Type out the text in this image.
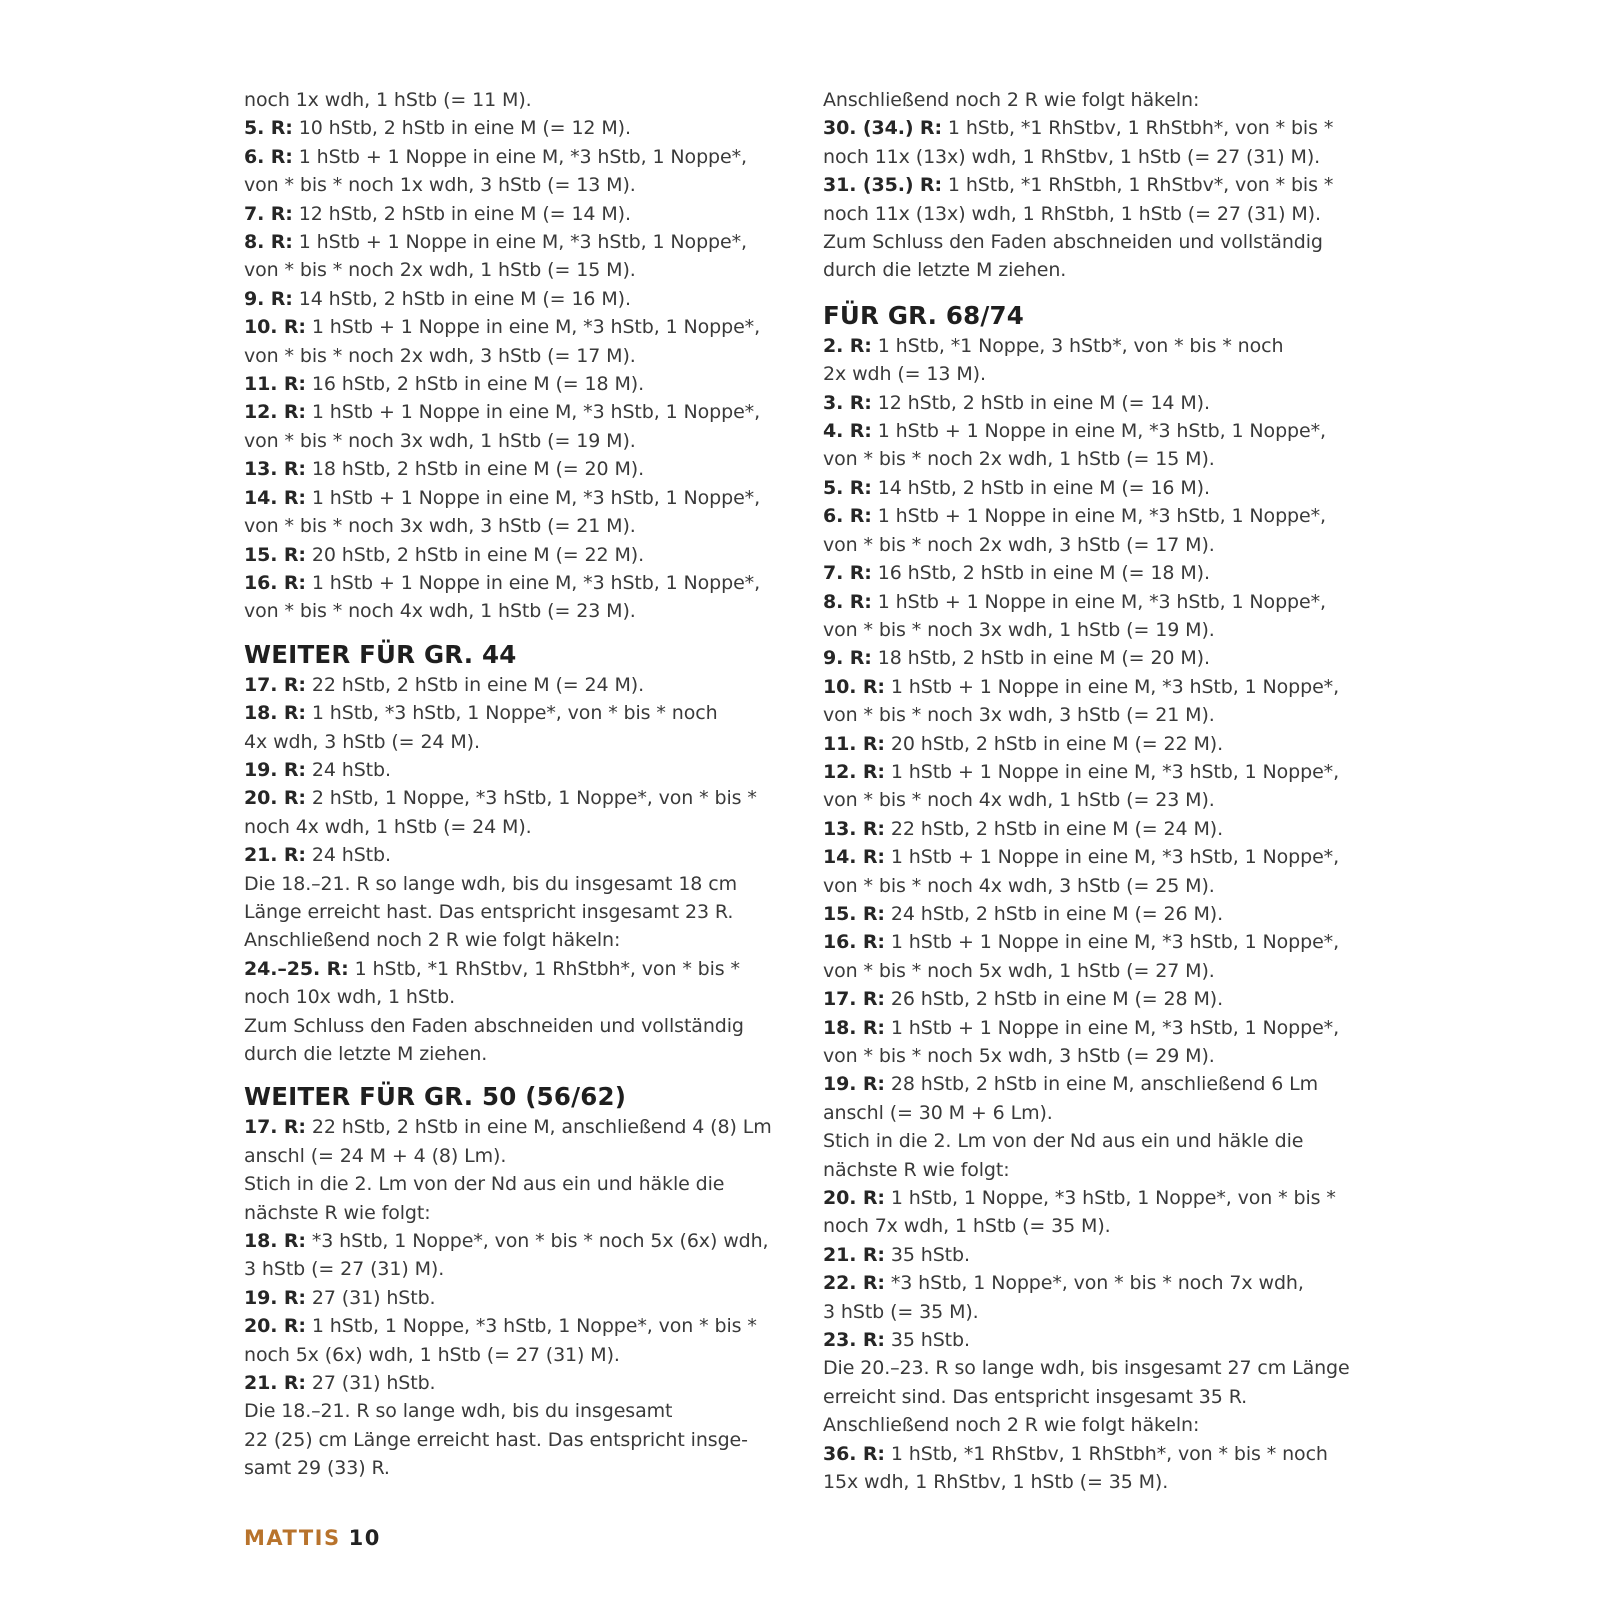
noch 1x wdh, 1 hStb (= 11 M).
5. R: 10 hStb, 2 hStb in eine M (= 12 M).
6. R: 1 hStb + 1 Noppe in eine M, *3 hStb, 1 Noppe*,
von * bis * noch 1x wdh, 3 hStb (= 13 M).
7. R: 12 hStb, 2 hStb in eine M (= 14 M).
8. R: 1 hStb + 1 Noppe in eine M, *3 hStb, 1 Noppe*,
von * bis * noch 2x wdh, 1 hStb (= 15 M).
9. R: 14 hStb, 2 hStb in eine M (= 16 M).
10. R: 1 hStb + 1 Noppe in eine M, *3 hStb, 1 Noppe*,
von * bis * noch 2x wdh, 3 hStb (= 17 M).
11. R: 16 hStb, 2 hStb in eine M (= 18 M).
12. R: 1 hStb + 1 Noppe in eine M, *3 hStb, 1 Noppe*,
von * bis * noch 3x wdh, 1 hStb (= 19 M).
13. R: 18 hStb, 2 hStb in eine M (= 20 M).
14. R: 1 hStb + 1 Noppe in eine M, *3 hStb, 1 Noppe*,
von * bis * noch 3x wdh, 3 hStb (= 21 M).
15. R: 20 hStb, 2 hStb in eine M (= 22 M).
16. R: 1 hStb + 1 Noppe in eine M, *3 hStb, 1 Noppe*,
von * bis * noch 4x wdh, 1 hStb (= 23 M).
WEITER FÜR GR. 44
17. R: 22 hStb, 2 hStb in eine M (= 24 M).
18. R: 1 hStb, *3 hStb, 1 Noppe*, von * bis * noch
4x wdh, 3 hStb (= 24 M).
19. R: 24 hStb.
20. R: 2 hStb, 1 Noppe, *3 hStb, 1 Noppe*, von * bis *
noch 4x wdh, 1 hStb (= 24 M).
21. R: 24 hStb.
Die 18.–21. R so lange wdh, bis du insgesamt 18 cm
Länge erreicht hast. Das entspricht insgesamt 23 R.
Anschließend noch 2 R wie folgt häkeln:
24.–25. R: 1 hStb, *1 RhStbv, 1 RhStbh*, von * bis *
noch 10x wdh, 1 hStb.
Zum Schluss den Faden abschneiden und vollständig
durch die letzte M ziehen.
WEITER FÜR GR. 50 (56/62)
17. R: 22 hStb, 2 hStb in eine M, anschließend 4 (8) Lm
anschl (= 24 M + 4 (8) Lm).
Stich in die 2. Lm von der Nd aus ein und häkle die
nächste R wie folgt:
18. R: *3 hStb, 1 Noppe*, von * bis * noch 5x (6x) wdh,
3 hStb (= 27 (31) M).
19. R: 27 (31) hStb.
20. R: 1 hStb, 1 Noppe, *3 hStb, 1 Noppe*, von * bis *
noch 5x (6x) wdh, 1 hStb (= 27 (31) M).
21. R: 27 (31) hStb.
Die 18.–21. R so lange wdh, bis du insgesamt
22 (25) cm Länge erreicht hast. Das entspricht insge-
samt 29 (33) R.
Anschließend noch 2 R wie folgt häkeln:
30. (34.) R: 1 hStb, *1 RhStbv, 1 RhStbh*, von * bis *
noch 11x (13x) wdh, 1 RhStbv, 1 hStb (= 27 (31) M).
31. (35.) R: 1 hStb, *1 RhStbh, 1 RhStbv*, von * bis *
noch 11x (13x) wdh, 1 RhStbh, 1 hStb (= 27 (31) M).
Zum Schluss den Faden abschneiden und vollständig
durch die letzte M ziehen.
FÜR GR. 68/74
2. R: 1 hStb, *1 Noppe, 3 hStb*, von * bis * noch
2x wdh (= 13 M).
3. R: 12 hStb, 2 hStb in eine M (= 14 M).
4. R: 1 hStb + 1 Noppe in eine M, *3 hStb, 1 Noppe*,
von * bis * noch 2x wdh, 1 hStb (= 15 M).
5. R: 14 hStb, 2 hStb in eine M (= 16 M).
6. R: 1 hStb + 1 Noppe in eine M, *3 hStb, 1 Noppe*,
von * bis * noch 2x wdh, 3 hStb (= 17 M).
7. R: 16 hStb, 2 hStb in eine M (= 18 M).
8. R: 1 hStb + 1 Noppe in eine M, *3 hStb, 1 Noppe*,
von * bis * noch 3x wdh, 1 hStb (= 19 M).
9. R: 18 hStb, 2 hStb in eine M (= 20 M).
10. R: 1 hStb + 1 Noppe in eine M, *3 hStb, 1 Noppe*,
von * bis * noch 3x wdh, 3 hStb (= 21 M).
11. R: 20 hStb, 2 hStb in eine M (= 22 M).
12. R: 1 hStb + 1 Noppe in eine M, *3 hStb, 1 Noppe*,
von * bis * noch 4x wdh, 1 hStb (= 23 M).
13. R: 22 hStb, 2 hStb in eine M (= 24 M).
14. R: 1 hStb + 1 Noppe in eine M, *3 hStb, 1 Noppe*,
von * bis * noch 4x wdh, 3 hStb (= 25 M).
15. R: 24 hStb, 2 hStb in eine M (= 26 M).
16. R: 1 hStb + 1 Noppe in eine M, *3 hStb, 1 Noppe*,
von * bis * noch 5x wdh, 1 hStb (= 27 M).
17. R: 26 hStb, 2 hStb in eine M (= 28 M).
18. R: 1 hStb + 1 Noppe in eine M, *3 hStb, 1 Noppe*,
von * bis * noch 5x wdh, 3 hStb (= 29 M).
19. R: 28 hStb, 2 hStb in eine M, anschließend 6 Lm
anschl (= 30 M + 6 Lm).
Stich in die 2. Lm von der Nd aus ein und häkle die
nächste R wie folgt:
20. R: 1 hStb, 1 Noppe, *3 hStb, 1 Noppe*, von * bis *
noch 7x wdh, 1 hStb (= 35 M).
21. R: 35 hStb.
22. R: *3 hStb, 1 Noppe*, von * bis * noch 7x wdh,
3 hStb (= 35 M).
23. R: 35 hStb.
Die 20.–23. R so lange wdh, bis insgesamt 27 cm Länge
erreicht sind. Das entspricht insgesamt 35 R.
Anschließend noch 2 R wie folgt häkeln:
36. R: 1 hStb, *1 RhStbv, 1 RhStbh*, von * bis * noch
15x wdh, 1 RhStbv, 1 hStb (= 35 M).
MATTIS 10
